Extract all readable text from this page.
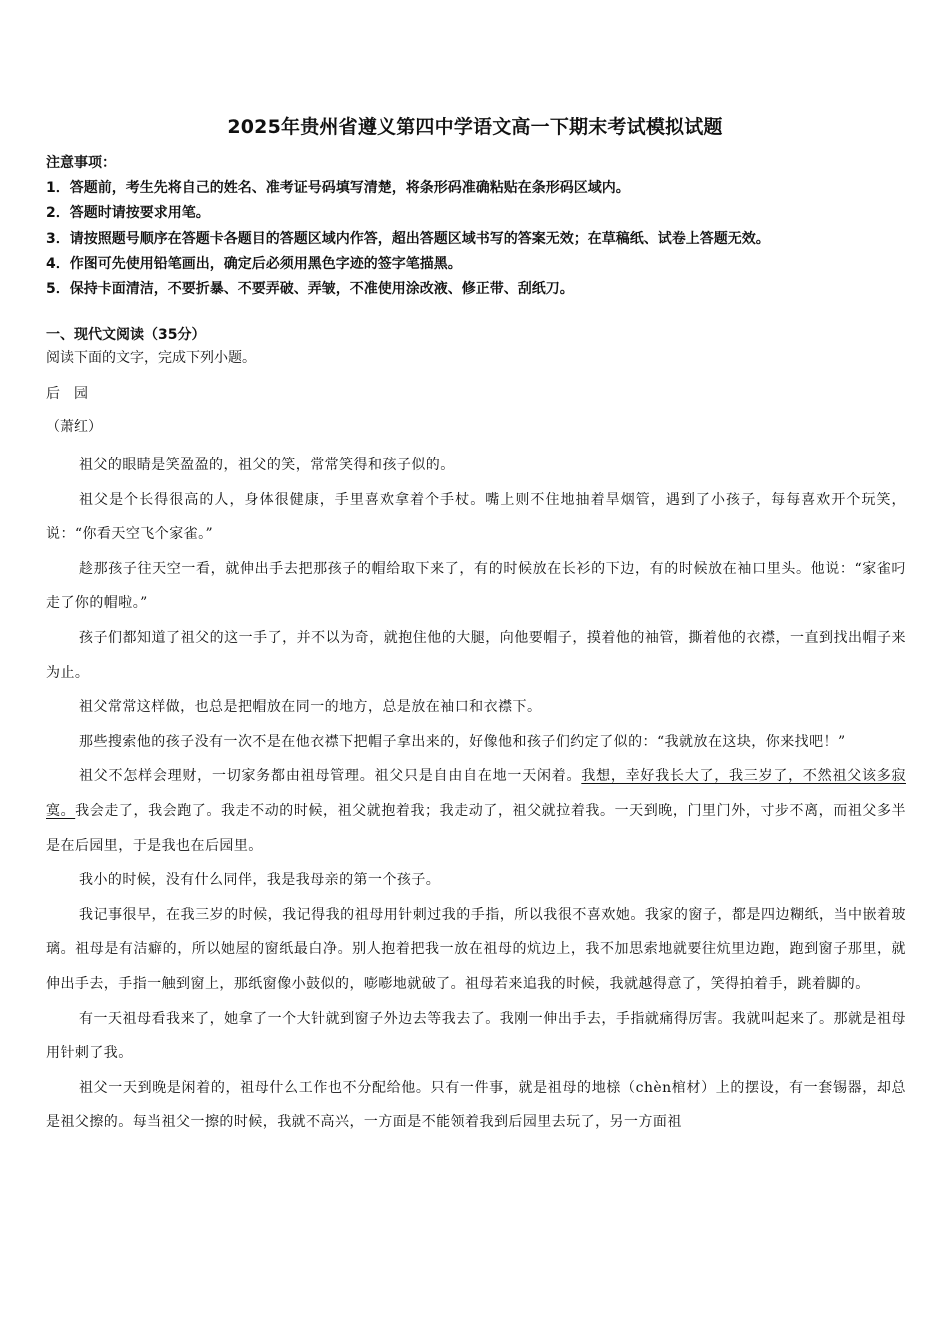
2025年贵州省遵义第四中学语文高一下期末考试模拟试题
注意事项：
1．答题前，考生先将自己的姓名、准考证号码填写清楚，将条形码准确粘贴在条形码区域内。
2．答题时请按要求用笔。
3．请按照题号顺序在答题卡各题目的答题区域内作答，超出答题区域书写的答案无效；在草稿纸、试卷上答题无效。
4．作图可先使用铅笔画出，确定后必须用黑色字迹的签字笔描黑。
5．保持卡面清洁，不要折暴、不要弄破、弄皱，不准使用涂改液、修正带、刮纸刀。
一、现代文阅读（35分）
阅读下面的文字，完成下列小题。
后园
（萧红）

祖父的眼睛是笑盈盈的，祖父的笑，常常笑得和孩子似的。

祖父是个长得很高的人，身体很健康，手里喜欢拿着个手杖。嘴上则不住地抽着旱烟管，遇到了小孩子，每每喜欢开个玩笑，说：“你看天空飞个家雀。”

趁那孩子往天空一看，就伸出手去把那孩子的帽给取下来了，有的时候放在长衫的下边，有的时候放在袖口里头。他说：“家雀叼走了你的帽啦。”

孩子们都知道了祖父的这一手了，并不以为奇，就抱住他的大腿，向他要帽子，摸着他的袖管，撕着他的衣襟，一直到找出帽子来为止。

祖父常常这样做，也总是把帽放在同一的地方，总是放在袖口和衣襟下。

那些搜索他的孩子没有一次不是在他衣襟下把帽子拿出来的，好像他和孩子们约定了似的：“我就放在这块，你来找吧！”

祖父不怎样会理财，一切家务都由祖母管理。祖父只是自由自在地一天闲着。我想，幸好我长大了，我三岁了，不然祖父该多寂寞。我会走了，我会跑了。我走不动的时候，祖父就抱着我；我走动了，祖父就拉着我。一天到晚，门里门外，寸步不离，而祖父多半是在后园里，于是我也在后园里。

我小的时候，没有什么同伴，我是我母亲的第一个孩子。

我记事很早，在我三岁的时候，我记得我的祖母用针刺过我的手指，所以我很不喜欢她。我家的窗子，都是四边糊纸，当中嵌着玻璃。祖母是有洁癖的，所以她屋的窗纸最白净。别人抱着把我一放在祖母的炕边上，我不加思索地就要往炕里边跑，跑到窗子那里，就伸出手去，手指一触到窗上，那纸窗像小鼓似的，嘭嘭地就破了。祖母若来追我的时候，我就越得意了，笑得拍着手，跳着脚的。

有一天祖母看我来了，她拿了一个大针就到窗子外边去等我去了。我刚一伸出手去，手指就痛得厉害。我就叫起来了。那就是祖母用针刺了我。

祖父一天到晚是闲着的，祖母什么工作也不分配给他。只有一件事，就是祖母的地榇（chèn棺材）上的摆设，有一套锡器，却总是祖父擦的。每当祖父一擦的时候，我就不高兴，一方面是不能领着我到后园里去玩了，另一方面祖
